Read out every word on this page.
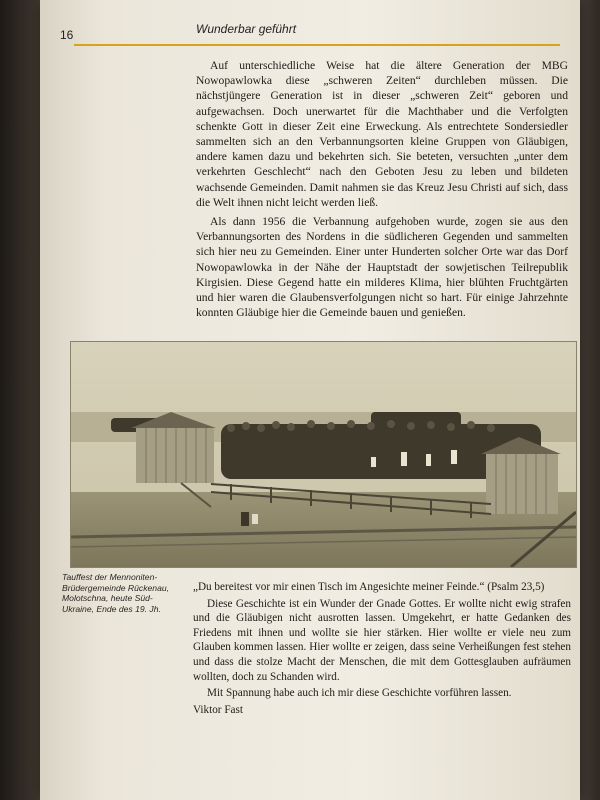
16	Wunderbar geführt

Auf unterschiedliche Weise hat die ältere Generation der MBG Nowopawlowka diese „schweren Zeiten“ durchleben müssen. Die nächstjüngere Generation ist in dieser „schweren Zeit“ geboren und aufgewachsen. Doch unerwartet für die Machthaber und die Verfolgten schenkte Gott in dieser Zeit eine Erweckung. Als entrechtete Sondersiedler sammelten sich an den Verbannungsorten kleine Gruppen von Gläubigen, andere kamen dazu und bekehrten sich. Sie beteten, versuchten „unter dem verkehrten Geschlecht“ nach den Geboten Jesu zu leben und bildeten wachsende Gemeinden. Damit nahmen sie das Kreuz Jesu Christi auf sich, dass die Welt ihnen nicht leicht werden ließ.

Als dann 1956 die Verbannung aufgehoben wurde, zogen sie aus den Verbannungsorten des Nordens in die südlicheren Gegenden und sammelten sich hier neu zu Gemeinden. Einer unter Hunderten solcher Orte war das Dorf Nowopawlowka in der Nähe der Hauptstadt der sowjetischen Teilrepublik Kirgisien. Diese Gegend hatte ein milderes Klima, hier blühten Fruchtgärten und hier waren die Glaubensverfolgungen nicht so hart. Für einige Jahrzehnte konnten Gläubige hier die Gemeinde bauen und genießen.

Tauffest der Mennoniten-Brüdergemeinde Rückenau, Molotschna, heute Süd-Ukraine, Ende des 19. Jh.

„Du bereitest vor mir einen Tisch im Angesichte meiner Feinde.“ (Psalm 23,5)

Diese Geschichte ist ein Wunder der Gnade Gottes. Er wollte nicht ewig strafen und die Gläubigen nicht ausrotten lassen. Umgekehrt, er hatte Gedanken des Friedens mit ihnen und wollte sie hier stärken. Hier wollte er viele neu zum Glauben kommen lassen. Hier wollte er zeigen, dass seine Verheißungen fest stehen und dass die stolze Macht der Menschen, die mit dem Gottesglauben aufräumen wollten, doch zu Schanden wird.

Mit Spannung habe auch ich mir diese Geschichte vorführen lassen.

Viktor Fast
